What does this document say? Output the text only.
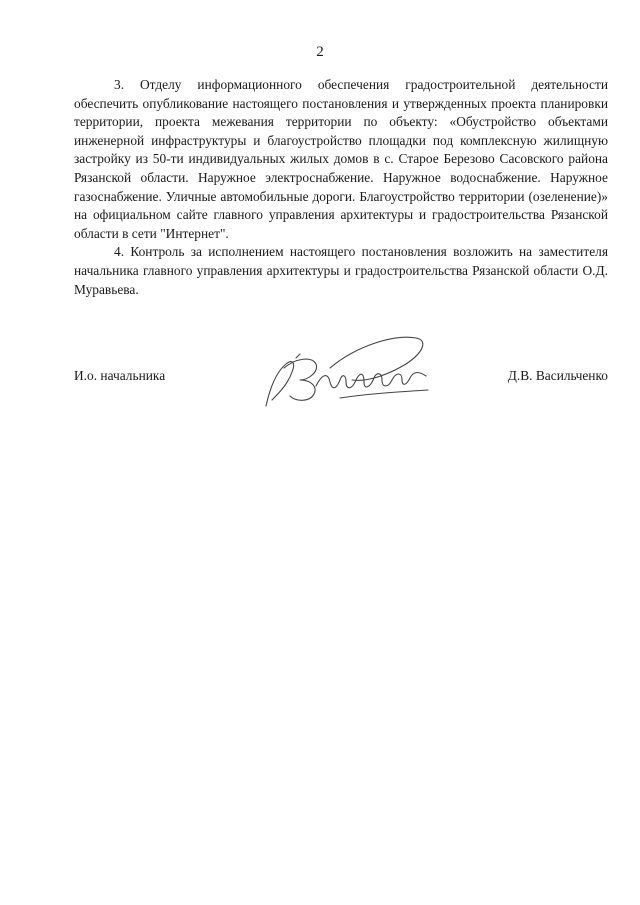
2

3. Отделу информационного обеспечения градостроительной деятельности обеспечить опубликование настоящего постановления и утвержденных проекта планировки территории, проекта межевания территории по объекту: «Обустройство объектами инженерной инфраструктуры и благоустройство площадки под комплексную жилищную застройку из 50-ти индивидуальных жилых домов в с. Старое Березово Сасовского района Рязанской области. Наружное электроснабжение. Наружное водоснабжение. Наружное газоснабжение. Уличные автомобильные дороги. Благоустройство территории (озеленение)» на официальном сайте главного управления архитектуры и градостроительства Рязанской области в сети "Интернет".

4. Контроль за исполнением настоящего постановления возложить на заместителя начальника главного управления архитектуры и градостроительства Рязанской области О.Д. Муравьева.

И.о. начальника	Д.В. Васильченко
